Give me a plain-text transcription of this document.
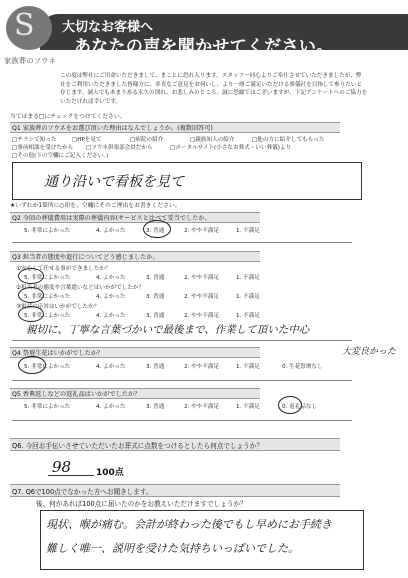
S
家族葬のソウネ
大切なお客様へ
あなたの声を聞かせてください。
この度は弊社にご用命いただきまして、まことに恐れ入ります。スタッフ一同心よりご奉仕させていただきましたが、弊
社をご利用いただきました皆様方に、率直なご意見をお伺いし、より一層ご満足いただける葬儀社を目指して参りたいと
存じます。誠人でもあまりある永久の別れ、お悲しみのところ、誠に恐縮ではございますが、下記アンケートへのご協力を
いただければ幸いです。
当てはまる□にチェックをつけてください。
Q1 家族葬のソウネをお選び頂いた理由はなんでしょうか。(複数回答可)
□チラシで知った	□HPを見て	□病院の紹介	□親族知人の紹介	□他の方に紹介してもらった
□事前相談を受けたから □ソウネ倶楽部会員だから	□ポータルサイト(小さなお葬式・いい葬儀)より
□その他(下の空欄にご記入ください。)
通り沿いで看板を見て
★いずれか1箇所に○印を、空欄にそのご理由をお書きください。
Q2 今回の葬儀費用は実際の葬儀内容(サービスと比べて妥当でしたか。
5. 非常によかった	4. よかった	3. 普通	2. やや不満足	1. 不満足
Q3 担当者の態度や進行についてどう感じましたか。
①安心して任せる事ができましたか？
5. 非常によかった	4. よかった	3. 普通	2. やや不満足	1. 不満足
②担当者の態度や言葉遣いなどはいかがでしたか？
5. 非常によかった	4. よかった	3. 普通	2. やや不満足	1. 不満足
③電話の応対はいかがでしたか？
5. 非常によかった	4. よかった	3. 普通	2. やや不満足	1. 不満足
親切に、丁寧な言葉づかいで最後まで、作業して頂いた中心
Q4 祭壇生花はいかがでしたか？	大変良かった
5. 非常によかった	4. よかった	3. 普通	2. やや不満足	1. 不満足	0. 生花祭壇なし
Q5 香典返しなどの返礼品はいかがでしたか？
5. 非常によかった	4. よかった	3. 普通	2. やや不満足	1. 不満足	0. 返礼品なし
Q6. 今回お手伝いさせていただいたお葬式に点数をつけるとしたら何点でしょうか？
98	100点
Q7. Q6で100点でなかった方へお聞きします。
後、何があれば100点に届いたのかをお教えいただけますでしょうか？
現状、喉が痛む。会計が終わった後でもし早めにお手続き
難しく唯一、説明を受けた気持ちいっぱいでした。
